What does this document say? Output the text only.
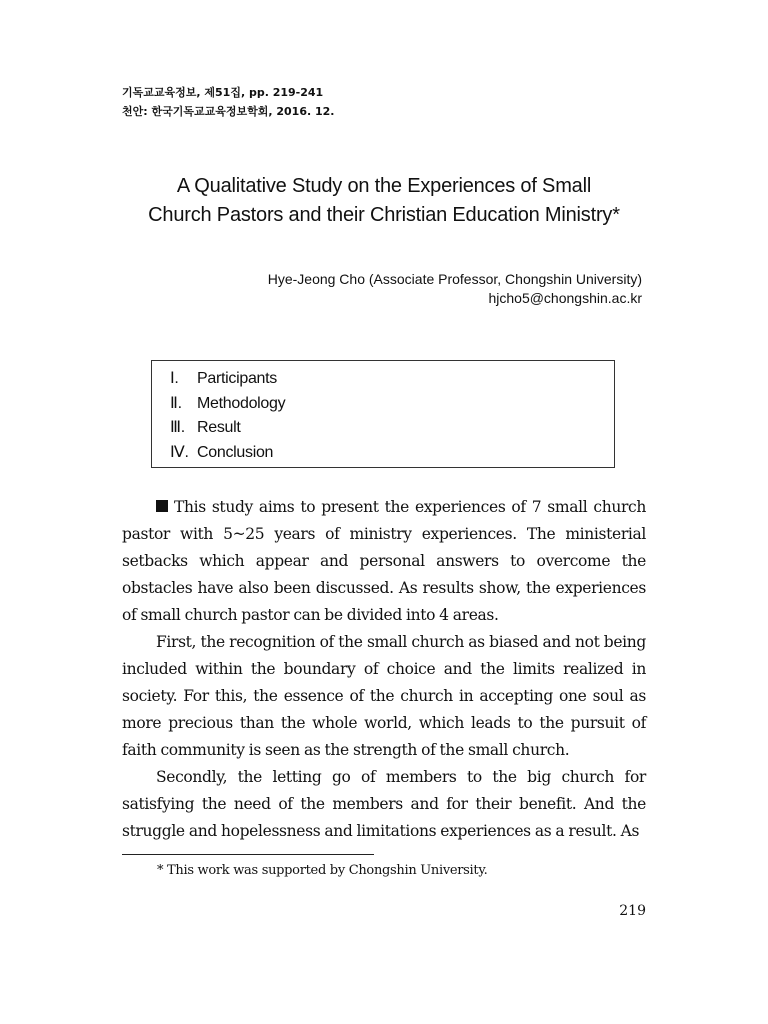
기독교교육정보, 제51집, pp. 219-241
천안: 한국기독교교육정보학회, 2016. 12.
A Qualitative Study on the Experiences of Small
Church Pastors and their Christian Education Ministry*
Hye-Jeong Cho (Associate Professor, Chongshin University)
hjcho5@chongshin.ac.kr
Ⅰ. Participants
Ⅱ. Methodology
Ⅲ. Result
Ⅳ. Conclusion

This study aims to present the experiences of 7 small church pastor with 5~25 years of ministry experiences. The ministerial setbacks which appear and personal answers to overcome the obstacles have also been discussed. As results show, the experiences of small church pastor can be divided into 4 areas.

First, the recognition of the small church as biased and not being included within the boundary of choice and the limits realized in society. For this, the essence of the church in accepting one soul as more precious than the whole world, which leads to the pursuit of faith community is seen as the strength of the small church.

Secondly, the letting go of members to the big church for satisfying the need of the members and for their benefit. And the struggle and hopelessness and limitations experiences as a result. As

* This work was supported by Chongshin University.
219
